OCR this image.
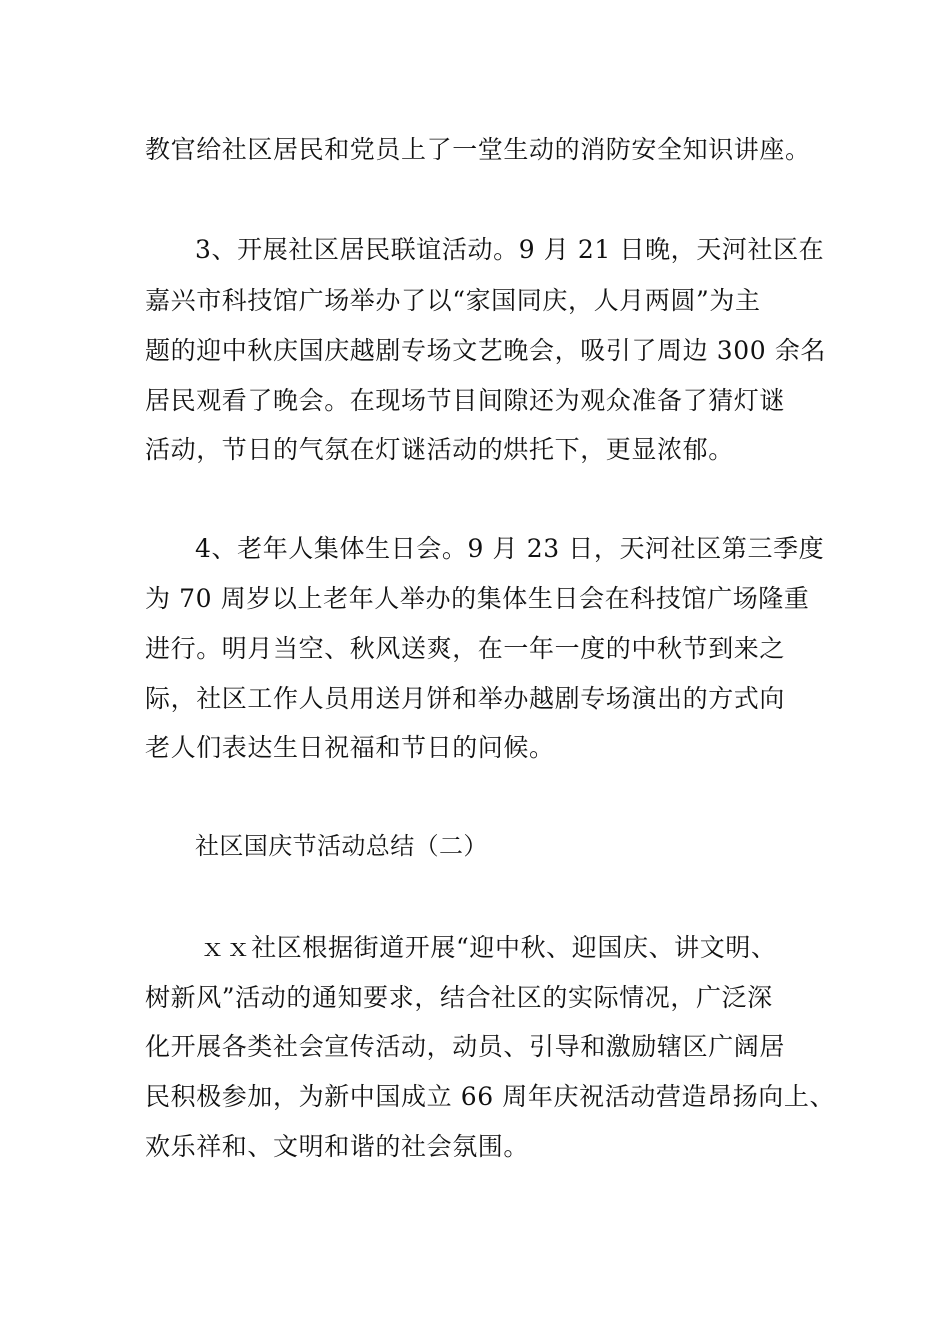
教官给社区居民和党员上了一堂生动的消防安全知识讲座。
3、开展社区居民联谊活动。9 月 21 日晚，天河社区在
嘉兴市科技馆广场举办了以“家国同庆，人月两圆”为主
题的迎中秋庆国庆越剧专场文艺晚会，吸引了周边 300 余名
居民观看了晚会。在现场节目间隙还为观众准备了猜灯谜
活动，节日的气氛在灯谜活动的烘托下，更显浓郁。
4、老年人集体生日会。9 月 23 日，天河社区第三季度
为 70 周岁以上老年人举办的集体生日会在科技馆广场隆重
进行。明月当空、秋风送爽，在一年一度的中秋节到来之
际，社区工作人员用送月饼和举办越剧专场演出的方式向
老人们表达生日祝福和节日的问候。
社区国庆节活动总结（二）
ｘｘ社区根据街道开展“迎中秋、迎国庆、讲文明、
树新风”活动的通知要求，结合社区的实际情况，广泛深
化开展各类社会宣传活动，动员、引导和激励辖区广阔居
民积极参加，为新中国成立 66 周年庆祝活动营造昂扬向上、
欢乐祥和、文明和谐的社会氛围。
